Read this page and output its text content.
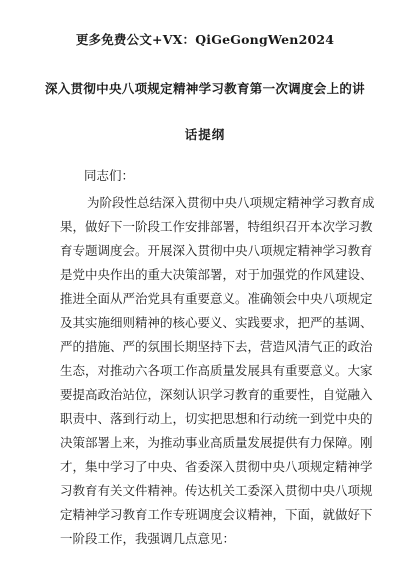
更多免费公文+VX：QiGeGongWen2024
深入贯彻中央八项规定精神学习教育第一次调度会上的讲
话提纲
同志们：
为阶段性总结深入贯彻中央八项规定精神学习教育成
果，做好下一阶段工作安排部署，特组织召开本次学习教
育专题调度会。开展深入贯彻中央八项规定精神学习教育
是党中央作出的重大决策部署，对于加强党的作风建设、
推进全面从严治党具有重要意义。准确领会中央八项规定
及其实施细则精神的核心要义、实践要求，把严的基调、
严的措施、严的氛围长期坚持下去，营造风清气正的政治
生态，对推动六各项工作高质量发展具有重要意义。大家
要提高政治站位，深刻认识学习教育的重要性，自觉融入
职责中、落到行动上，切实把思想和行动统一到党中央的
决策部署上来，为推动事业高质量发展提供有力保障。刚
才，集中学习了中央、省委深入贯彻中央八项规定精神学
习教育有关文件精神。传达机关工委深入贯彻中央八项规
定精神学习教育工作专班调度会议精神，下面，就做好下
一阶段工作，我强调几点意见：
